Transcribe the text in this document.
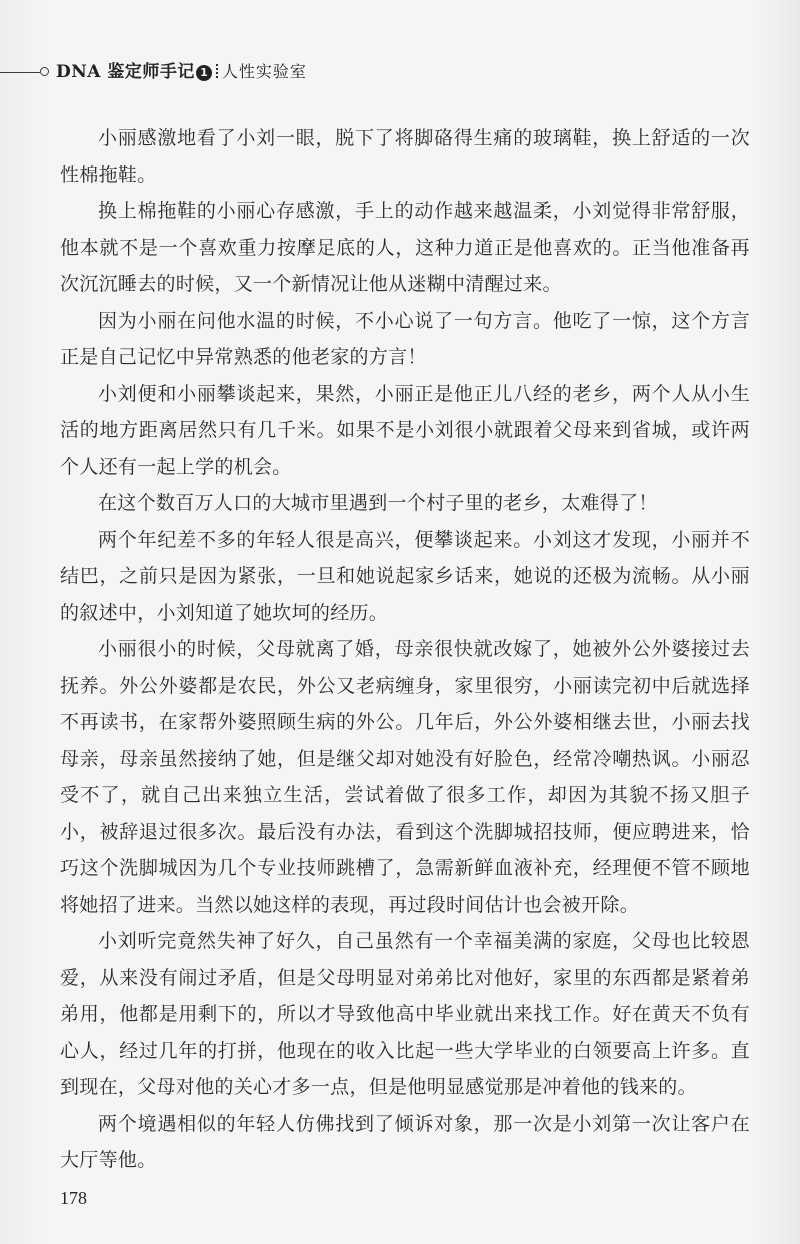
DNA 鉴定师手记 1 人性实验室

小丽感激地看了小刘一眼，脱下了将脚硌得生痛的玻璃鞋，换上舒适的一次性棉拖鞋。

换上棉拖鞋的小丽心存感激，手上的动作越来越温柔，小刘觉得非常舒服，他本就不是一个喜欢重力按摩足底的人，这种力道正是他喜欢的。正当他准备再次沉沉睡去的时候，又一个新情况让他从迷糊中清醒过来。

因为小丽在问他水温的时候，不小心说了一句方言。他吃了一惊，这个方言正是自己记忆中异常熟悉的他老家的方言！

小刘便和小丽攀谈起来，果然，小丽正是他正儿八经的老乡，两个人从小生活的地方距离居然只有几千米。如果不是小刘很小就跟着父母来到省城，或许两个人还有一起上学的机会。

在这个数百万人口的大城市里遇到一个村子里的老乡，太难得了！

两个年纪差不多的年轻人很是高兴，便攀谈起来。小刘这才发现，小丽并不结巴，之前只是因为紧张，一旦和她说起家乡话来，她说的还极为流畅。从小丽的叙述中，小刘知道了她坎坷的经历。

小丽很小的时候，父母就离了婚，母亲很快就改嫁了，她被外公外婆接过去抚养。外公外婆都是农民，外公又老病缠身，家里很穷，小丽读完初中后就选择不再读书，在家帮外婆照顾生病的外公。几年后，外公外婆相继去世，小丽去找母亲，母亲虽然接纳了她，但是继父却对她没有好脸色，经常冷嘲热讽。小丽忍受不了，就自己出来独立生活，尝试着做了很多工作，却因为其貌不扬又胆子小，被辞退过很多次。最后没有办法，看到这个洗脚城招技师，便应聘进来，恰巧这个洗脚城因为几个专业技师跳槽了，急需新鲜血液补充，经理便不管不顾地将她招了进来。当然以她这样的表现，再过段时间估计也会被开除。

小刘听完竟然失神了好久，自己虽然有一个幸福美满的家庭，父母也比较恩爱，从来没有闹过矛盾，但是父母明显对弟弟比对他好，家里的东西都是紧着弟弟用，他都是用剩下的，所以才导致他高中毕业就出来找工作。好在黄天不负有心人，经过几年的打拼，他现在的收入比起一些大学毕业的白领要高上许多。直到现在，父母对他的关心才多一点，但是他明显感觉那是冲着他的钱来的。

两个境遇相似的年轻人仿佛找到了倾诉对象，那一次是小刘第一次让客户在大厅等他。

178
